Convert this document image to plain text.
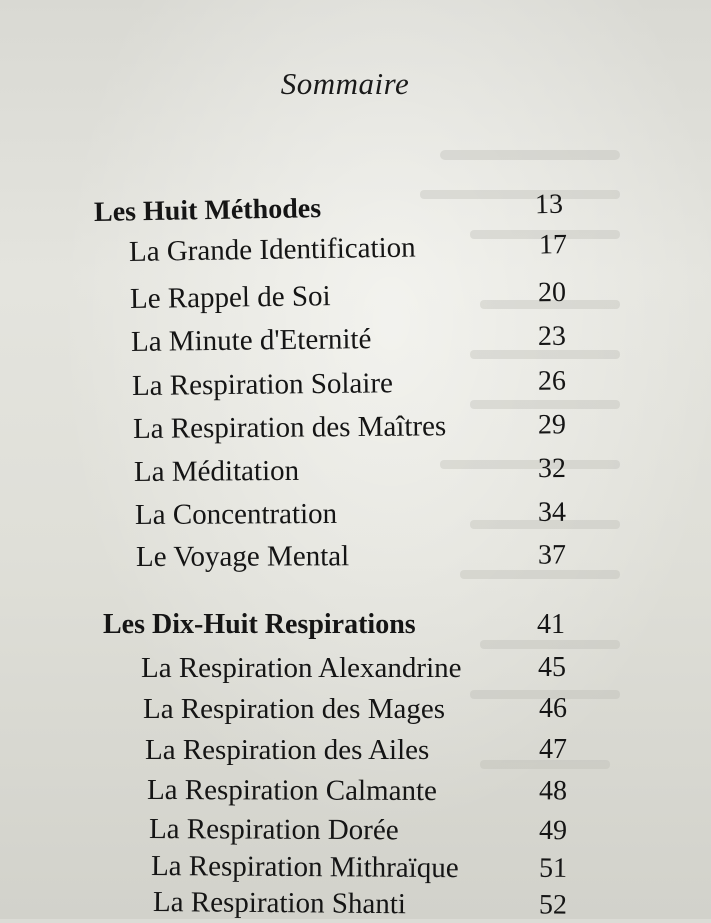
Sommaire
Les Huit Méthodes	13
La Grande Identification	17
Le Rappel de Soi	20
La Minute d'Eternité	23
La Respiration Solaire	26
La Respiration des Maîtres	29
La Méditation	32
La Concentration	34
Le Voyage Mental	37
Les Dix-Huit Respirations	41
La Respiration Alexandrine	45
La Respiration des Mages	46
La Respiration des Ailes	47
La Respiration Calmante	48
La Respiration Dorée	49
La Respiration Mithraïque	51
La Respiration Shanti	52
